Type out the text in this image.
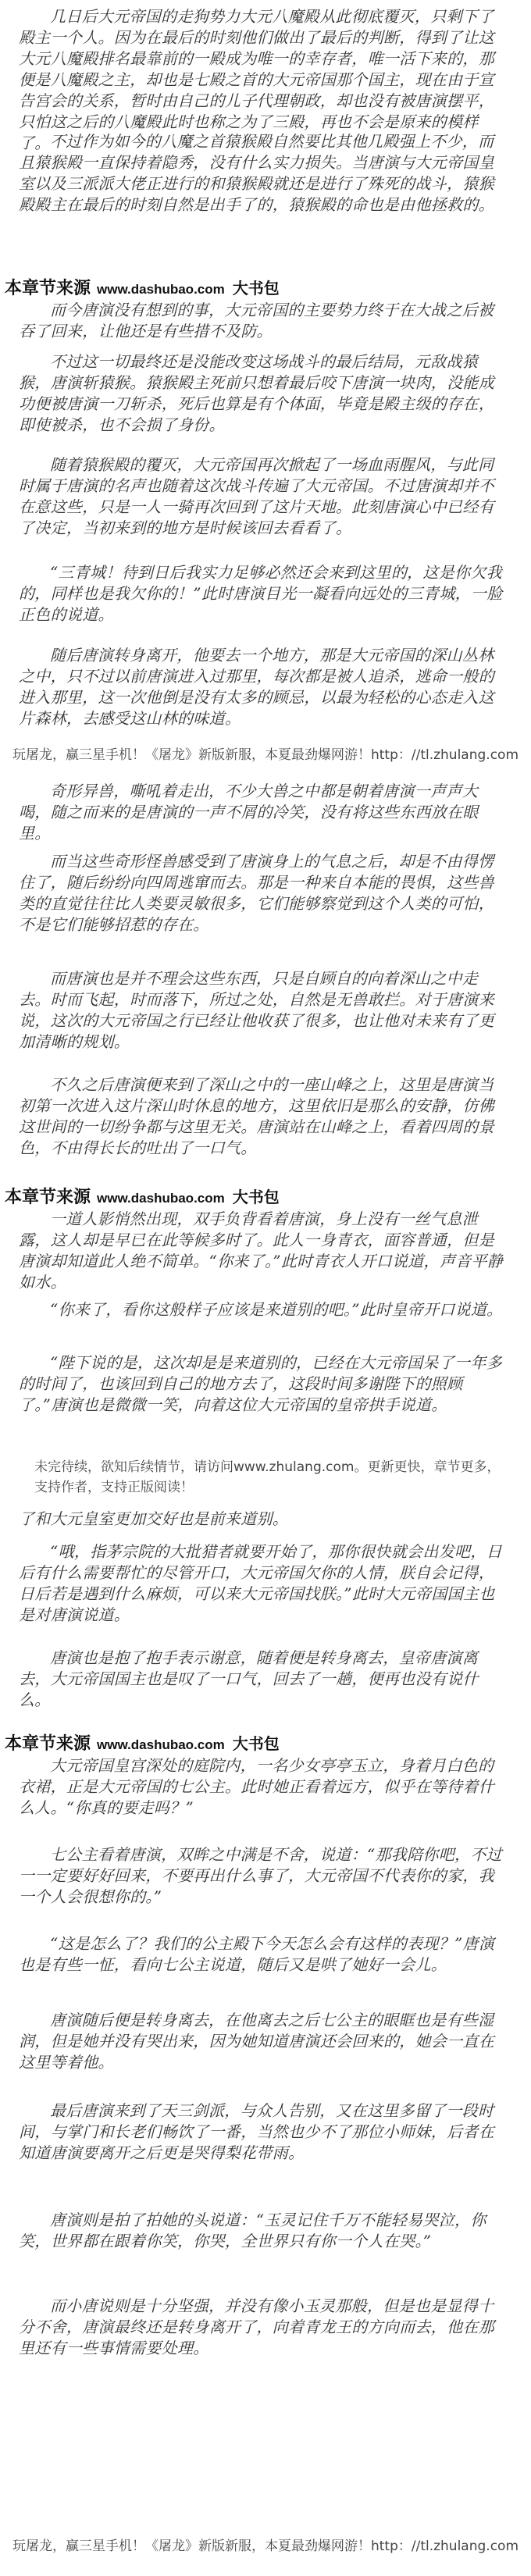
几日后大元帝国的走狗势力大元八魔殿从此彻底覆灭，只剩下了殿主一个人。因为在最后的时刻他们做出了最后的判断，得到了让这大元八魔殿排名最靠前的一殿成为唯一的幸存者，唯一活下来的，那便是八魔殿之主，却也是七殿之首的大元帝国那个国主，现在由于宣告宫会的关系，暂时由自己的儿子代理朝政，却也没有被唐演摆平，只怕这之后的八魔殿此时也称之为了三殿，再也不会是原来的模样了。 不过作为如今的八魔之首猿猴殿自然要比其他几殿强上不少，而且猿猴殿一直保持着隐秀，没有什么实力损失。当唐演与大元帝国皇室以及三派派大佬正进行的和猿猴殿就还是进行了殊死的战斗，猿猴殿殿主在最后的时刻自然是出手了的，猿猴殿的命也是由他拯救的。

本章节来源 www.dashubao.com 大书包

而今唐演没有想到的事，大元帝国的主要势力终于在大战之后被吞了回来，让他还是有些措不及防。

不过这一切最终还是没能改变这场战斗的最后结局，元敌战猿猴，唐演斩猿猴。猿猴殿主死前只想着最后咬下唐演一块肉，没能成功便被唐演一刀斩杀，死后也算是有个体面，毕竟是殿主级的存在，即使被杀，也不会损了身份。

随着猿猴殿的覆灭，大元帝国再次掀起了一场血雨腥风，与此同时属于唐演的名声也随着这次战斗传遍了大元帝国。不过唐演却并不在意这些，只是一人一骑再次回到了这片天地。此刻唐演心中已经有了决定，当初来到的地方是时候该回去看看了。

“三青城！待到日后我实力足够必然还会来到这里的，这是你欠我的，同样也是我欠你的！”此时唐演目光一凝看向远处的三青城，一脸正色的说道。

随后唐演转身离开，他要去一个地方，那是大元帝国的深山丛林之中，只不过以前唐演进入过那里，每次都是被人追杀，逃命一般的进入那里，这一次他倒是没有太多的顾忌，以最为轻松的心态走入这片森林，去感受这山林的味道。

玩屠龙，赢三星手机！《屠龙》新版新服，本夏最劲爆网游！http：//tl.zhulang.com

奇形异兽，嘶吼着走出，不少大兽之中都是朝着唐演一声声大喝，随之而来的是唐演的一声不屑的冷笑，没有将这些东西放在眼里。

而当这些奇形怪兽感受到了唐演身上的气息之后，却是不由得愣住了，随后纷纷向四周逃窜而去。那是一种来自本能的畏惧，这些兽类的直觉往往比人类要灵敏很多，它们能够察觉到这个人类的可怕，不是它们能够招惹的存在。

而唐演也是并不理会这些东西，只是自顾自的向着深山之中走去。时而飞起，时而落下，所过之处，自然是无兽敢拦。对于唐演来说，这次的大元帝国之行已经让他收获了很多，也让他对未来有了更加清晰的规划。

不久之后唐演便来到了深山之中的一座山峰之上，这里是唐演当初第一次进入这片深山时休息的地方，这里依旧是那么的安静，仿佛这世间的一切纷争都与这里无关。唐演站在山峰之上，看着四周的景色，不由得长长的吐出了一口气。

本章节来源 www.dashubao.com 大书包

一道人影悄然出现，双手负背看着唐演，身上没有一丝气息泄露，这人却是早已在此等候多时了。此人一身青衣，面容普通，但是唐演却知道此人绝不简单。“你来了。”此时青衣人开口说道，声音平静如水。

“你来了，看你这般样子应该是来道别的吧。”此时皇帝开口说道。

“陛下说的是，这次却是是来道别的，已经在大元帝国呆了一年多的时间了，也该回到自己的地方去了，这段时间多谢陛下的照顾了。”唐演也是微微一笑，向着这位大元帝国的皇帝拱手说道。

未完待续，欲知后续情节，请访问www.zhulang.com。更新更快，章节更多，支持作者，支持正版阅读！

了和大元皇室更加交好也是前来道别。

“哦，指茅宗院的大批猎者就要开始了，那你很快就会出发吧，日后有什么需要帮忙的尽管开口，大元帝国欠你的人情，朕自会记得，日后若是遇到什么麻烦，可以来大元帝国找朕。”此时大元帝国国主也是对唐演说道。

唐演也是抱了抱手表示谢意，随着便是转身离去，皇帝唐演离去，大元帝国国主也是叹了一口气，回去了一趟，便再也没有说什么。

本章节来源 www.dashubao.com 大书包

大元帝国皇宫深处的庭院内，一名少女亭亭玉立，身着月白色的衣裙，正是大元帝国的七公主。此时她正看着远方，似乎在等待着什么人。“你真的要走吗？”

七公主看着唐演，双眸之中满是不舍，说道：“那我陪你吧，不过一一定要好好回来，不要再出什么事了，大元帝国不代表你的家，我一个人会很想你的。”

“这是怎么了？我们的公主殿下今天怎么会有这样的表现？”唐演也是有些一怔，看向七公主说道，随后又是哄了她好一会儿。

唐演随后便是转身离去，在他离去之后七公主的眼眶也是有些湿润，但是她并没有哭出来，因为她知道唐演还会回来的，她会一直在这里等着他。

最后唐演来到了天三剑派，与众人告别，又在这里多留了一段时间，与掌门和长老们畅饮了一番，当然也少不了那位小师妹，后者在知道唐演要离开之后更是哭得梨花带雨。

唐演则是拍了拍她的头说道：“玉灵记住千万不能轻易哭泣，你笑，世界都在跟着你笑，你哭，全世界只有你一个人在哭。”

而小唐说则是十分坚强，并没有像小玉灵那般，但是也是显得十分不舍，唐演最终还是转身离开了，向着青龙王的方向而去，他在那里还有一些事情需要处理。

玩屠龙，赢三星手机！《屠龙》新版新服，本夏最劲爆网游！http：//tl.zhulang.com
